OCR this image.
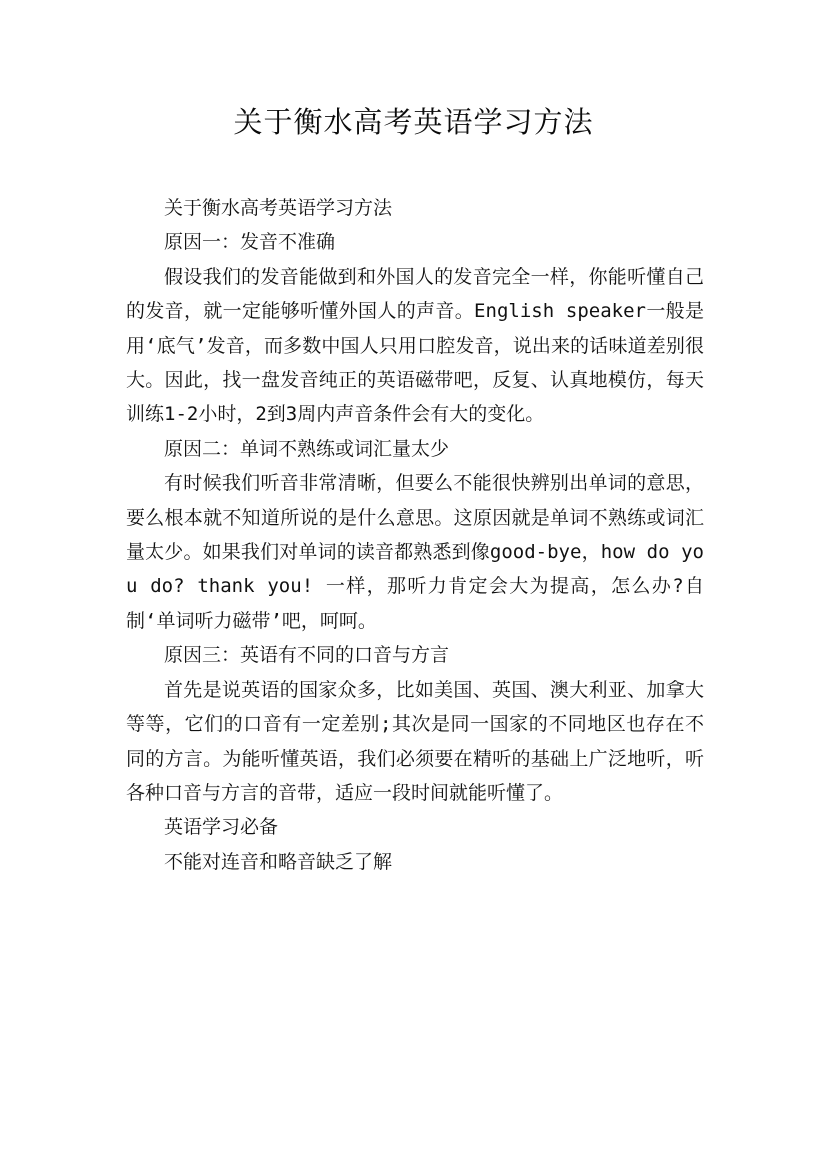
关于衡水高考英语学习方法

关于衡水高考英语学习方法

原因一：发音不准确

假设我们的发音能做到和外国人的发音完全一样，你能听懂自己的发音，就一定能够听懂外国人的声音。English speaker一般是用‘底气’发音，而多数中国人只用口腔发音，说出来的话味道差别很大。因此，找一盘发音纯正的英语磁带吧，反复、认真地模仿，每天训练1-2小时，2到3周内声音条件会有大的变化。

原因二：单词不熟练或词汇量太少

有时候我们听音非常清晰，但要么不能很快辨别出单词的意思，要么根本就不知道所说的是什么意思。这原因就是单词不熟练或词汇量太少。如果我们对单词的读音都熟悉到像good-bye，how do you do? thank you! 一样，那听力肯定会大为提高，怎么办?自制‘单词听力磁带’吧，呵呵。

原因三：英语有不同的口音与方言

首先是说英语的国家众多，比如美国、英国、澳大利亚、加拿大等等，它们的口音有一定差别;其次是同一国家的不同地区也存在不同的方言。为能听懂英语，我们必须要在精听的基础上广泛地听，听各种口音与方言的音带，适应一段时间就能听懂了。

英语学习必备

不能对连音和略音缺乏了解
